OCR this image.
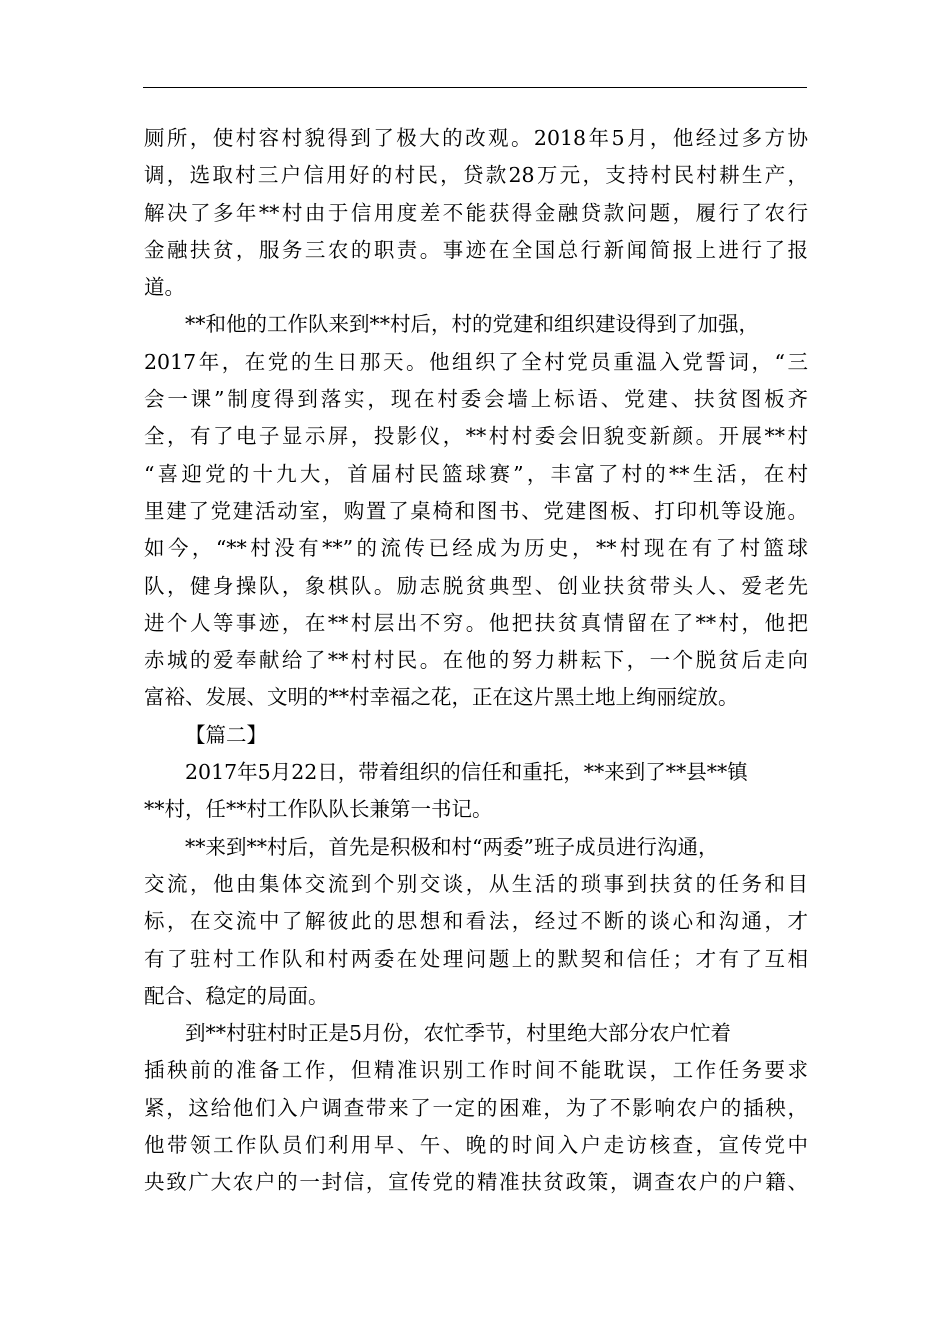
厕所，使村容村貌得到了极大的改观。2018年5月，他经过多方协
调，选取村三户信用好的村民，贷款28万元，支持村民村耕生产，
解决了多年**村由于信用度差不能获得金融贷款问题，履行了农行
金融扶贫，服务三农的职责。事迹在全国总行新闻简报上进行了报
道。
**和他的工作队来到**村后，村的党建和组织建设得到了加强，
2017年，在党的生日那天。他组织了全村党员重温入党誓词，“三
会一课”制度得到落实，现在村委会墙上标语、党建、扶贫图板齐
全，有了电子显示屏，投影仪，**村村委会旧貌变新颜。开展**村
“喜迎党的十九大，首届村民篮球赛”，丰富了村的**生活，在村
里建了党建活动室，购置了桌椅和图书、党建图板、打印机等设施。
如今，“**村没有**”的流传已经成为历史，**村现在有了村篮球
队，健身操队，象棋队。励志脱贫典型、创业扶贫带头人、爱老先
进个人等事迹，在**村层出不穷。他把扶贫真情留在了**村，他把
赤城的爱奉献给了**村村民。在他的努力耕耘下，一个脱贫后走向
富裕、发展、文明的**村幸福之花，正在这片黑土地上绚丽绽放。
【篇二】
2017年5月22日，带着组织的信任和重托，**来到了**县**镇
**村，任**村工作队队长兼第一书记。
**来到**村后，首先是积极和村“两委”班子成员进行沟通，
交流，他由集体交流到个别交谈，从生活的琐事到扶贫的任务和目
标，在交流中了解彼此的思想和看法，经过不断的谈心和沟通，才
有了驻村工作队和村两委在处理问题上的默契和信任；才有了互相
配合、稳定的局面。
到**村驻村时正是5月份，农忙季节，村里绝大部分农户忙着
插秧前的准备工作，但精准识别工作时间不能耽误，工作任务要求
紧，这给他们入户调查带来了一定的困难，为了不影响农户的插秧，
他带领工作队员们利用早、午、晚的时间入户走访核查，宣传党中
央致广大农户的一封信，宣传党的精准扶贫政策，调查农户的户籍、
